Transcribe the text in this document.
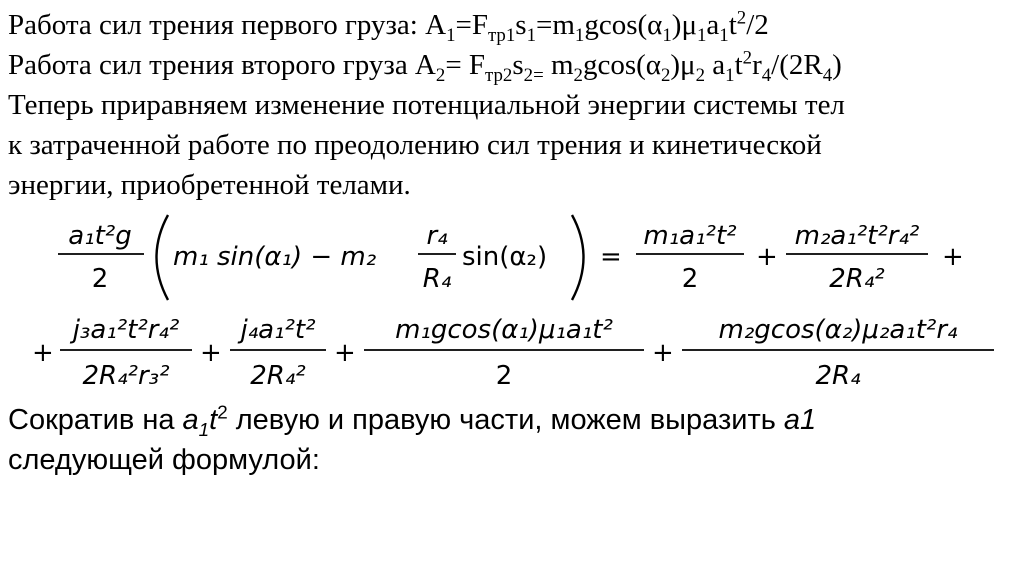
Работа сил трения первого груза: $A_1=F_{тр1}s_1=m_1gcos(\alpha_1)\mu_1a_1t^2/2$
Работа сил трения второго груза $A_2= F_{тр2}s_{2=}$ $m_2gcos(\alpha_2)\mu_2$ $a_1t^2r_4/(2R_4)$
Теперь приравняем изменение потенциальной энергии системы тел
к затраченной работе по преодолению сил трения и кинетической
энергии, приобретенной телами.
a₁t²g
2
m₁ sin(α₁) − m₂
r₄
R₄
sin(α₂) =
m₁a₁²t²
2
+
m₂a₁²t²r₄²
2R₄²
+
+
j₃a₁²t²r₄²
2R₄²r₃²
+
j₄a₁²t²
2R₄²
+
m₁gcos(α₁)μ₁a₁t²
2
+
m₂gcos(α₂)μ₂a₁t²r₄
2R₄
Сократив на $a_1t^2$ левую и правую части, можем выразить a1
следующей формулой:
